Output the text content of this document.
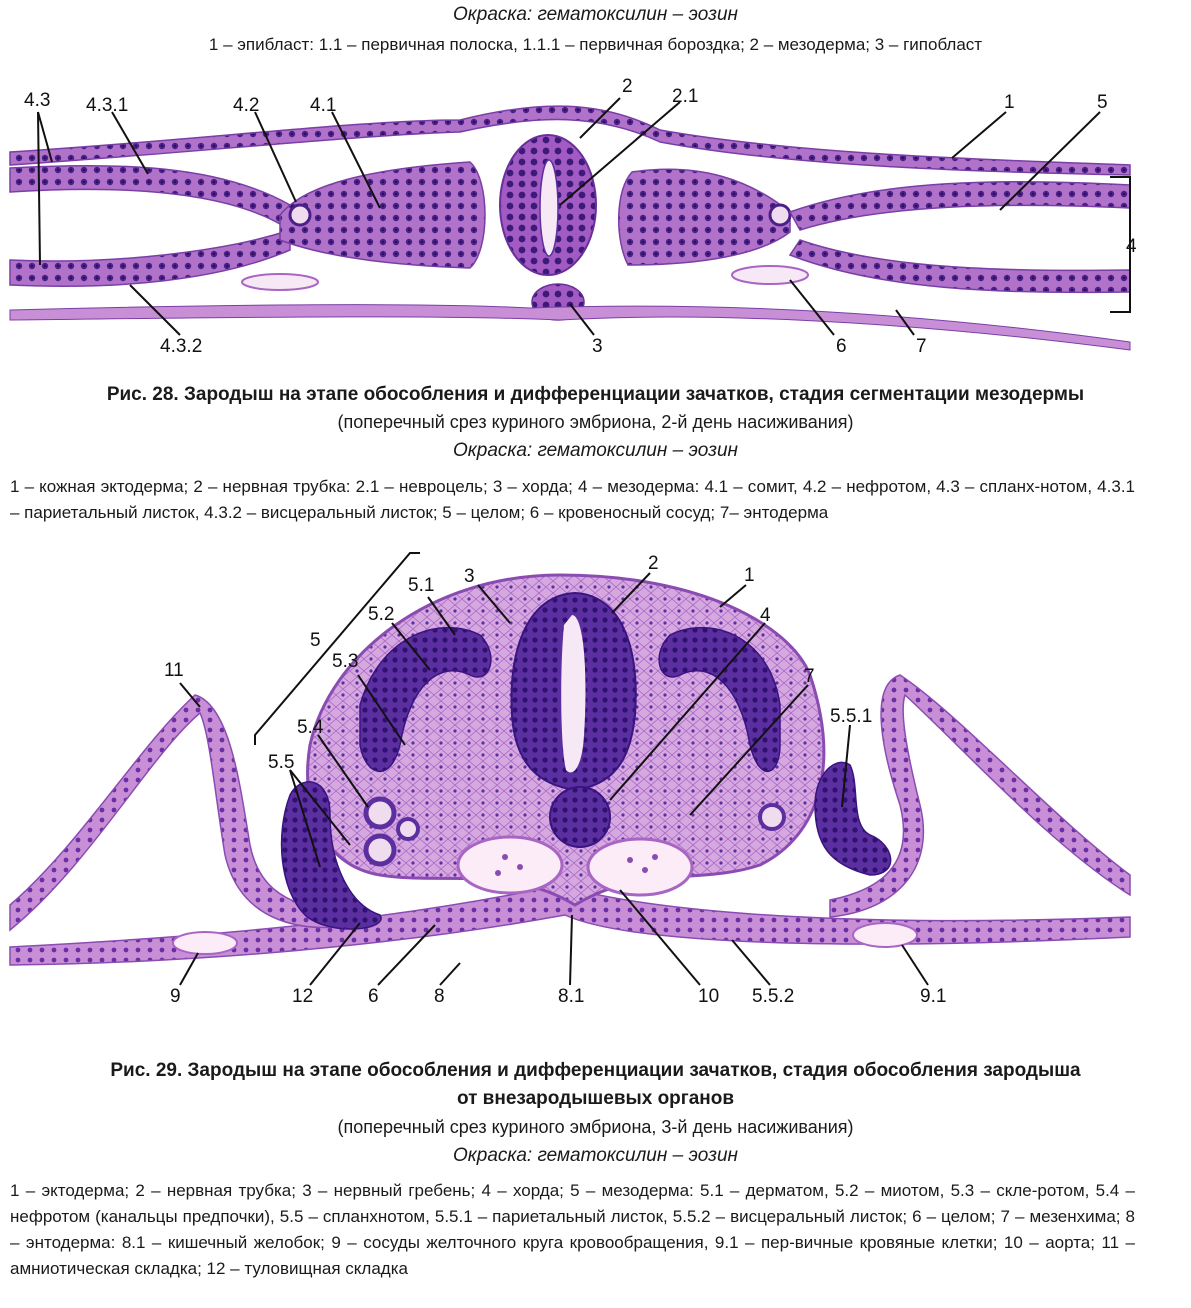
Окраска: гематоксилин – эозин

1 – эпибласт: 1.1 – первичная полоска, 1.1.1 – первичная бороздка; 2 – мезодерма; 3 – гипобласт

4.3 4.3.1	4.2	4.1
2 2.1	1	5
4
4.3.2	3	6	7

Рис. 28. Зародыш на этапе обособления и дифференциации зачатков, стадия сегментации мезодермы

(поперечный срез куриного эмбриона, 2-й день насиживания)

Окраска: гематоксилин – эозин

1 – кожная эктодерма; 2 – нервная трубка: 2.1 – невроцель; 3 – хорда; 4 – мезодерма: 4.1 – сомит, 4.2 – нефротом, 4.3 – спланх-нотом, 4.3.1 – париетальный листок, 4.3.2 – висцеральный листок; 5 – целом; 6 – кровеносный сосуд; 7– энтодерма

5
5.1 3
2
1
5.2	4
5.3
7
11
5.5.1
5.4
5.5
9	12	6	8	8.1	10 5.5.2	9.1

Рис. 29. Зародыш на этапе обособления и дифференциации зачатков, стадия обособления зародыша

от внезародышевых органов

(поперечный срез куриного эмбриона, 3-й день насиживания)

Окраска: гематоксилин – эозин

1 – эктодерма; 2 – нервная трубка; 3 – нервный гребень; 4 – хорда; 5 – мезодерма: 5.1 – дерматом, 5.2 – миотом, 5.3 – скле-ротом, 5.4 – нефротом (канальцы предпочки), 5.5 – спланхнотом, 5.5.1 – париетальный листок, 5.5.2 – висцеральный листок; 6 – целом; 7 – мезенхима; 8 – энтодерма: 8.1 – кишечный желобок; 9 – сосуды желточного круга кровообращения, 9.1 – пер-вичные кровяные клетки; 10 – аорта; 11 – амниотическая складка; 12 – туловищная складка
